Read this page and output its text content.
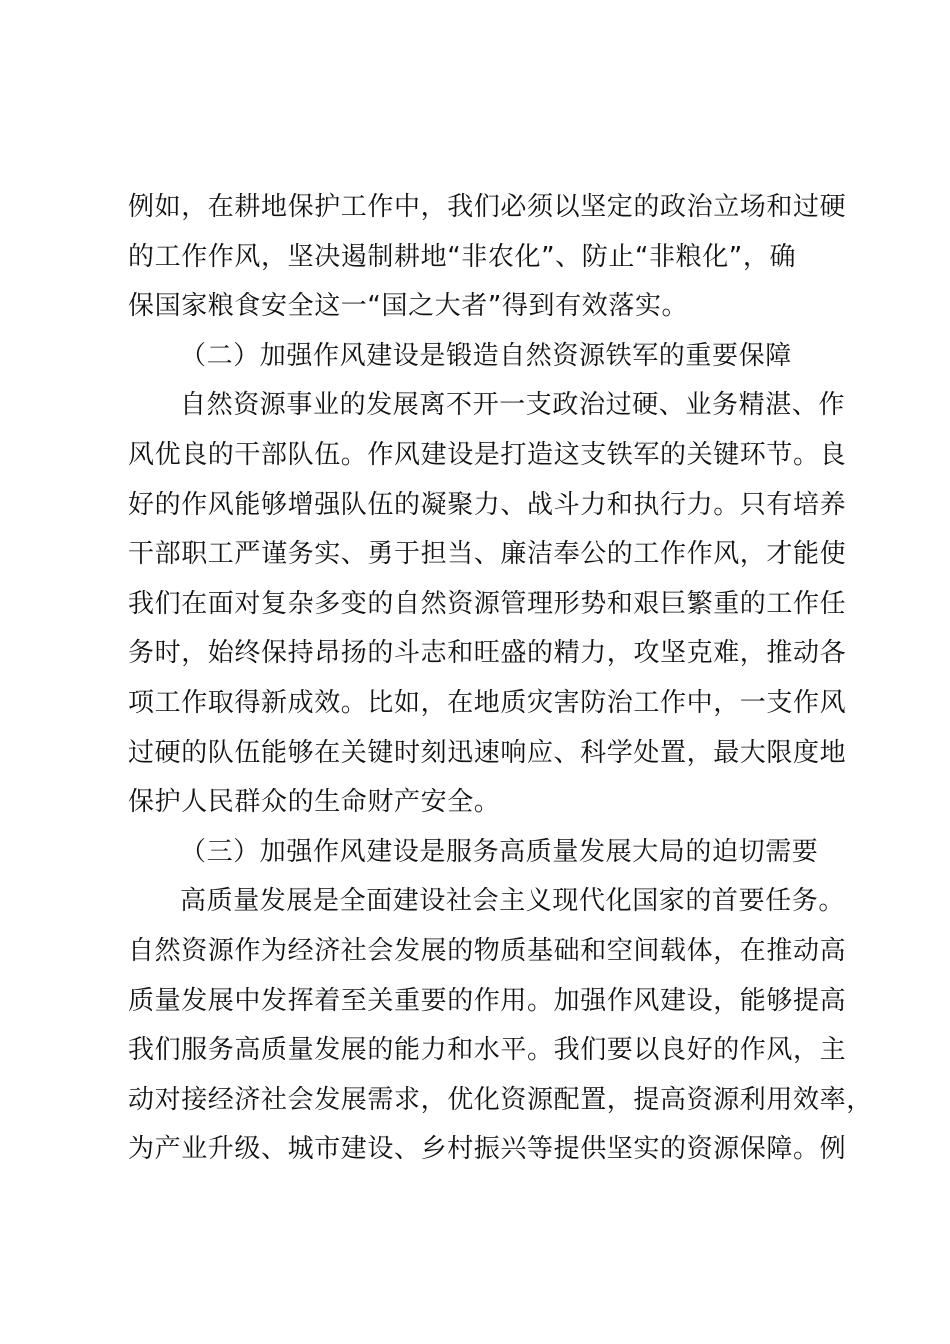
例如，在耕地保护工作中，我们必须以坚定的政治立场和过硬
的工作作风，坚决遏制耕地“非农化”、防止“非粮化”，确
保国家粮食安全这一“国之大者”得到有效落实。
（二）加强作风建设是锻造自然资源铁军的重要保障
自然资源事业的发展离不开一支政治过硬、业务精湛、作
风优良的干部队伍。作风建设是打造这支铁军的关键环节。良
好的作风能够增强队伍的凝聚力、战斗力和执行力。只有培养
干部职工严谨务实、勇于担当、廉洁奉公的工作作风，才能使
我们在面对复杂多变的自然资源管理形势和艰巨繁重的工作任
务时，始终保持昂扬的斗志和旺盛的精力，攻坚克难，推动各
项工作取得新成效。比如，在地质灾害防治工作中，一支作风
过硬的队伍能够在关键时刻迅速响应、科学处置，最大限度地
保护人民群众的生命财产安全。
（三）加强作风建设是服务高质量发展大局的迫切需要
高质量发展是全面建设社会主义现代化国家的首要任务。
自然资源作为经济社会发展的物质基础和空间载体，在推动高
质量发展中发挥着至关重要的作用。加强作风建设，能够提高
我们服务高质量发展的能力和水平。我们要以良好的作风，主
动对接经济社会发展需求，优化资源配置，提高资源利用效率，
为产业升级、城市建设、乡村振兴等提供坚实的资源保障。例
